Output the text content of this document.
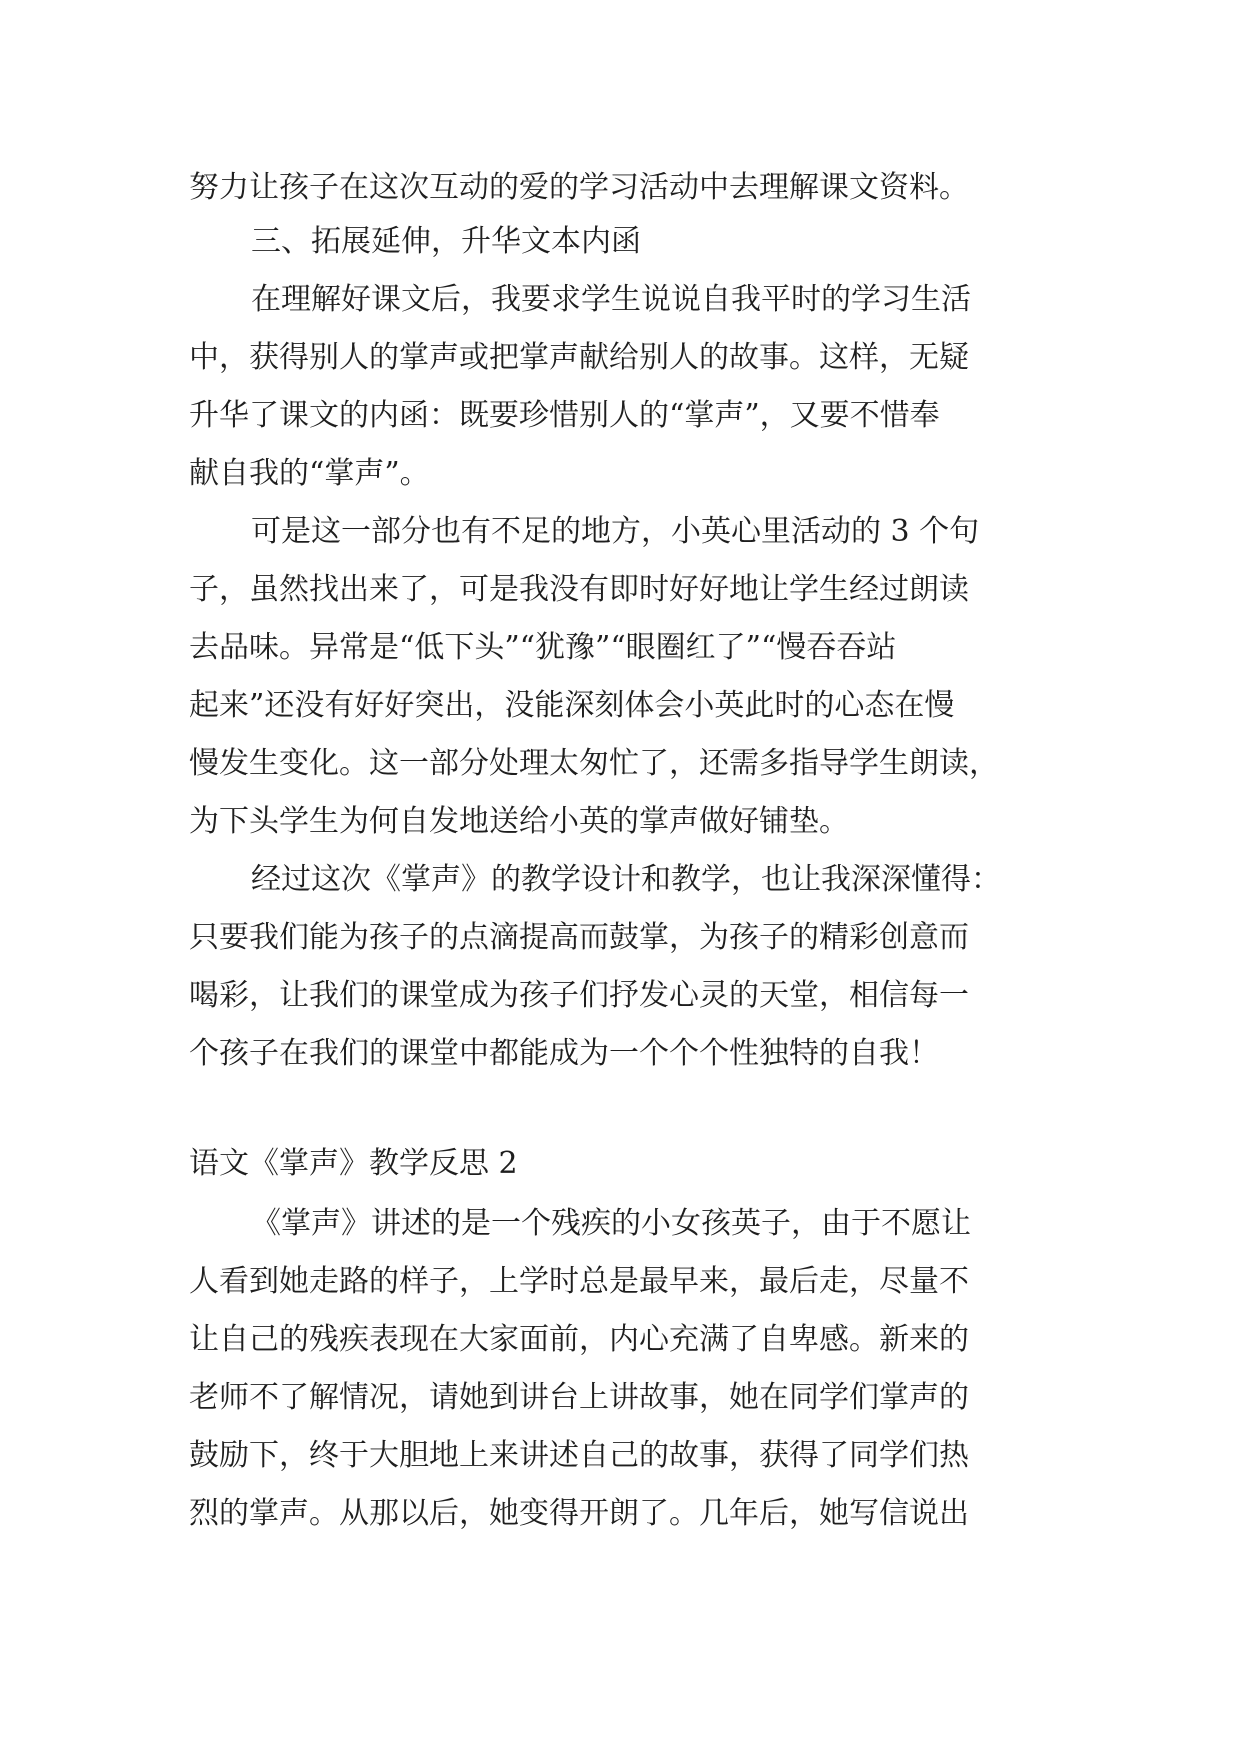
努力让孩子在这次互动的爱的学习活动中去理解课文资料。

三、拓展延伸，升华文本内函

在理解好课文后，我要求学生说说自我平时的学习生活

中，获得别人的掌声或把掌声献给别人的故事。这样，无疑

升华了课文的内函：既要珍惜别人的“掌声”，又要不惜奉

献自我的“掌声”。

可是这一部分也有不足的地方，小英心里活动的 3 个句

子，虽然找出来了，可是我没有即时好好地让学生经过朗读

去品味。异常是“低下头”“犹豫”“眼圈红了”“慢吞吞站

起来”还没有好好突出，没能深刻体会小英此时的心态在慢

慢发生变化。这一部分处理太匆忙了，还需多指导学生朗读，

为下头学生为何自发地送给小英的掌声做好铺垫。

经过这次《掌声》的教学设计和教学，也让我深深懂得：

只要我们能为孩子的点滴提高而鼓掌，为孩子的精彩创意而

喝彩，让我们的课堂成为孩子们抒发心灵的天堂，相信每一

个孩子在我们的课堂中都能成为一个个个性独特的自我！

语文《掌声》教学反思 2

《掌声》讲述的是一个残疾的小女孩英子，由于不愿让

人看到她走路的样子，上学时总是最早来，最后走，尽量不

让自己的残疾表现在大家面前，内心充满了自卑感。新来的

老师不了解情况，请她到讲台上讲故事，她在同学们掌声的

鼓励下，终于大胆地上来讲述自己的故事，获得了同学们热

烈的掌声。从那以后，她变得开朗了。几年后，她写信说出
